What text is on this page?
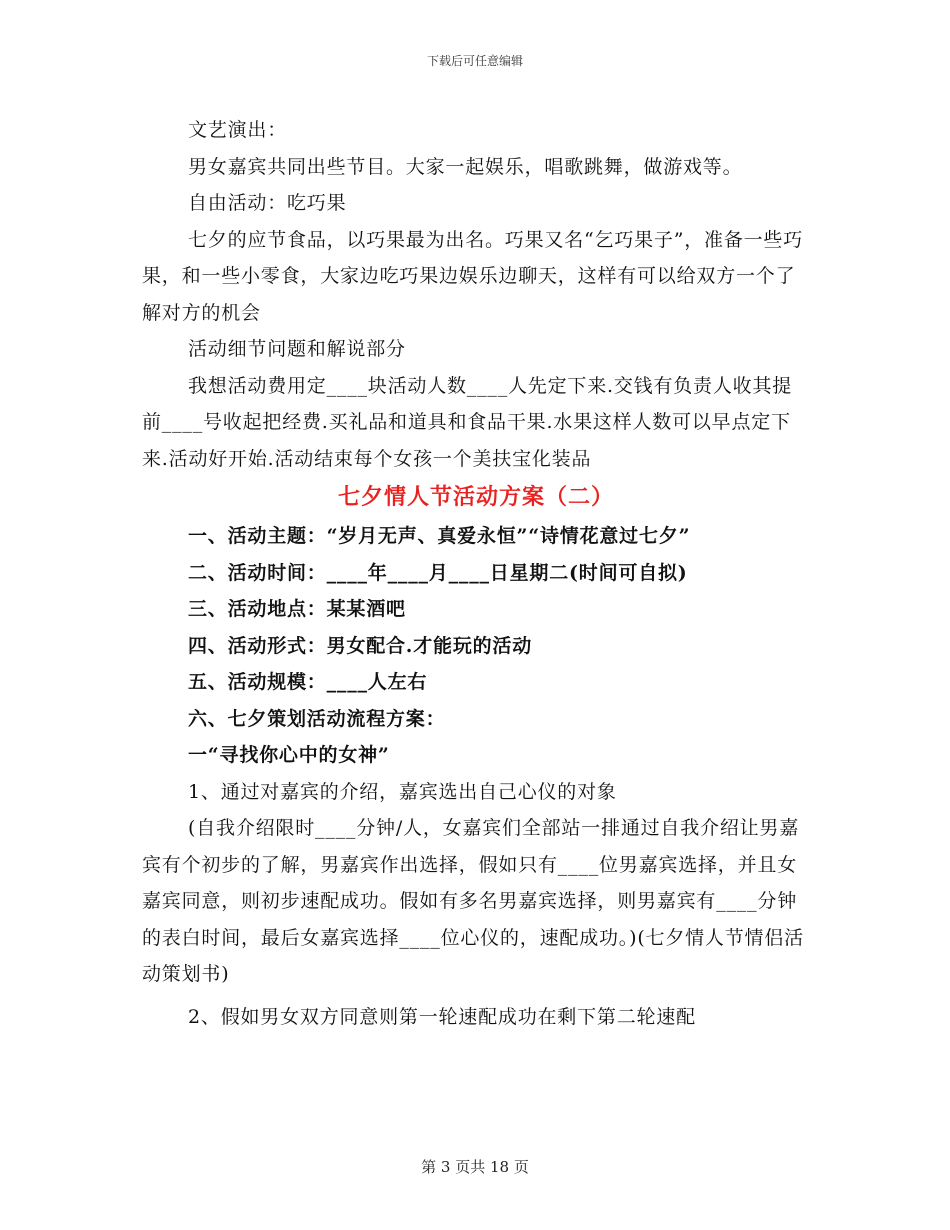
下载后可任意编辑

文艺演出：

男女嘉宾共同出些节目。大家一起娱乐，唱歌跳舞，做游戏等。

自由活动：吃巧果

七夕的应节食品，以巧果最为出名。巧果又名“乞巧果子”，准备一些巧果，和一些小零食，大家边吃巧果边娱乐边聊天，这样有可以给双方一个了解对方的机会

活动细节问题和解说部分

我想活动费用定____块活动人数____人先定下来.交钱有负责人收其提前____号收起把经费.买礼品和道具和食品干果.水果这样人数可以早点定下来.活动好开始.活动结束每个女孩一个美扶宝化装品

七夕情人节活动方案（二）

一、活动主题：“岁月无声、真爱永恒”“诗情花意过七夕”

二、活动时间：____年____月____日星期二(时间可自拟)

三、活动地点：某某酒吧

四、活动形式：男女配合.才能玩的活动

五、活动规模：____人左右

六、七夕策划活动流程方案：

一“寻找你心中的女神”

1、通过对嘉宾的介绍，嘉宾选出自己心仪的对象

(自我介绍限时____分钟/人，女嘉宾们全部站一排通过自我介绍让男嘉宾有个初步的了解，男嘉宾作出选择，假如只有____位男嘉宾选择，并且女嘉宾同意，则初步速配成功。假如有多名男嘉宾选择，则男嘉宾有____分钟的表白时间，最后女嘉宾选择____位心仪的，速配成功。)(七夕情人节情侣活动策划书)

2、假如男女双方同意则第一轮速配成功在剩下第二轮速配

第 3 页共 18 页
